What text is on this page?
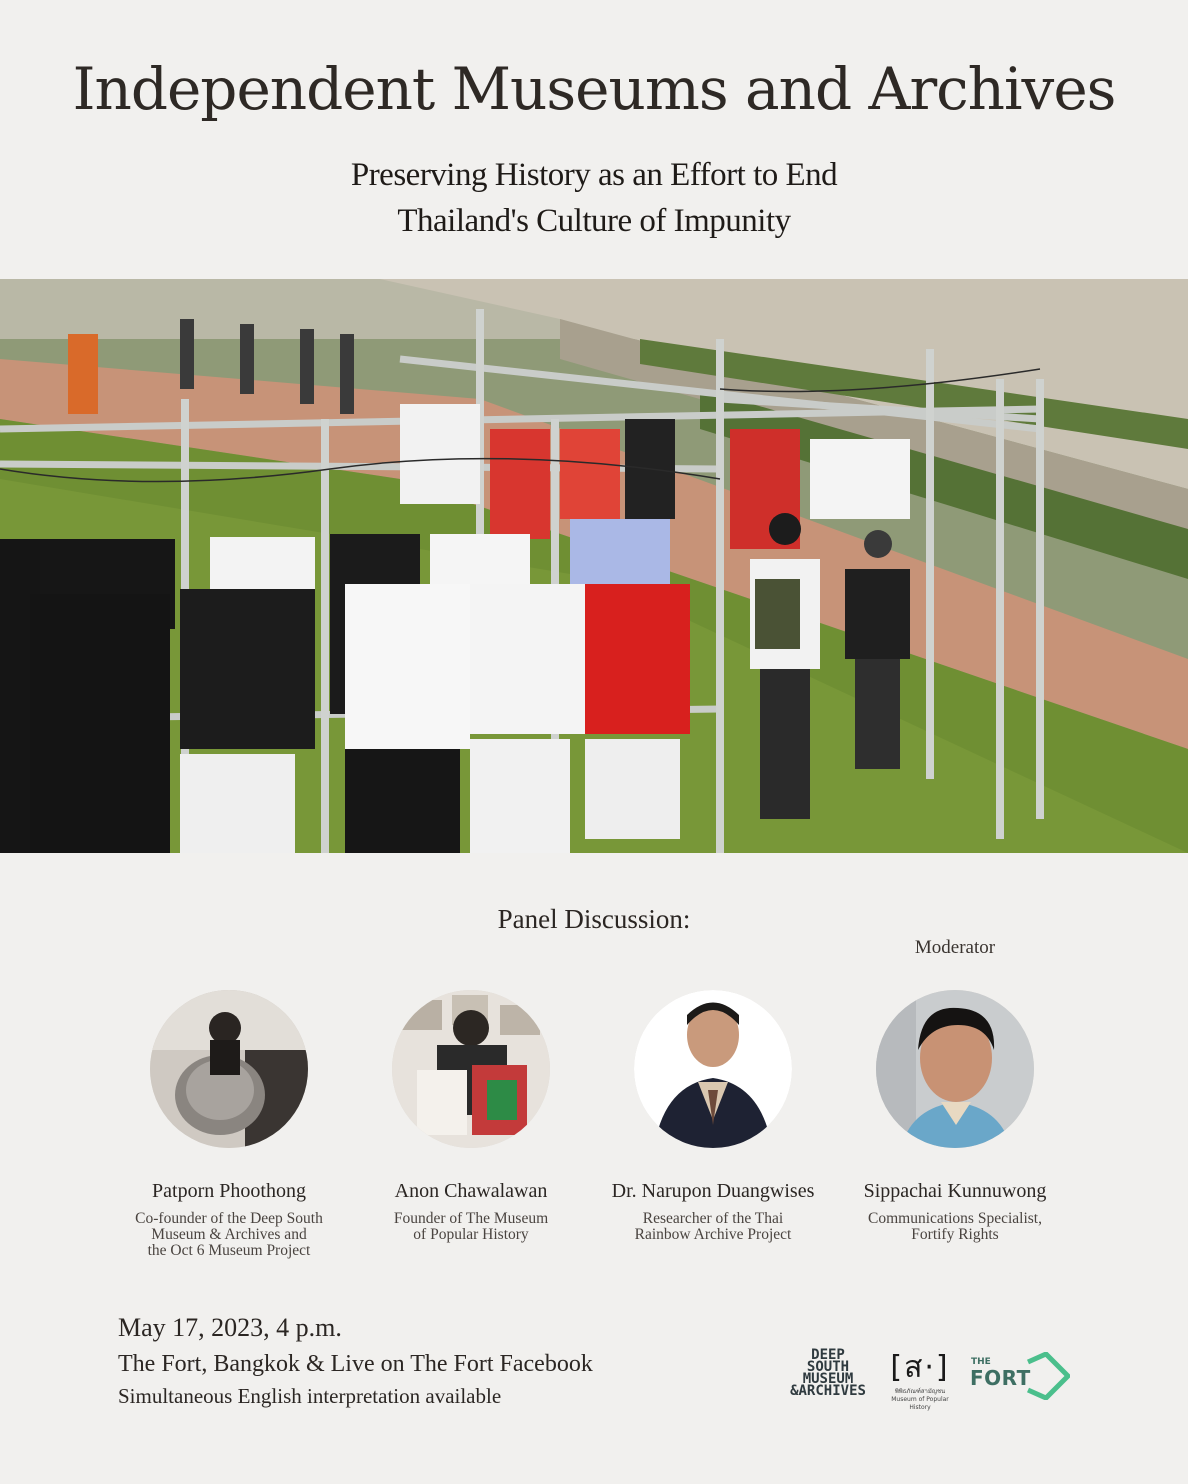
Independent Museums and Archives
Preserving History as an Effort to End
Thailand's Culture of Impunity
Panel Discussion:
Moderator
Patporn Phoothong
Co-founder of the Deep South
Museum & Archives and
the Oct 6 Museum Project
Anon Chawalawan
Founder of The Museum
of Popular History
Dr. Narupon Duangwises
Researcher of the Thai
Rainbow Archive Project
Sippachai Kunnuwong
Communications Specialist,
Fortify Rights
May 17, 2023, 4 p.m.
The Fort, Bangkok & Live on The Fort Facebook
Simultaneous English interpretation available
DEEP
SOUTH
MUSEUM
&ARCHIVES
[ส·]
พิพิธภัณฑ์สามัญชน
Museum of Popular History
THE
FORT
